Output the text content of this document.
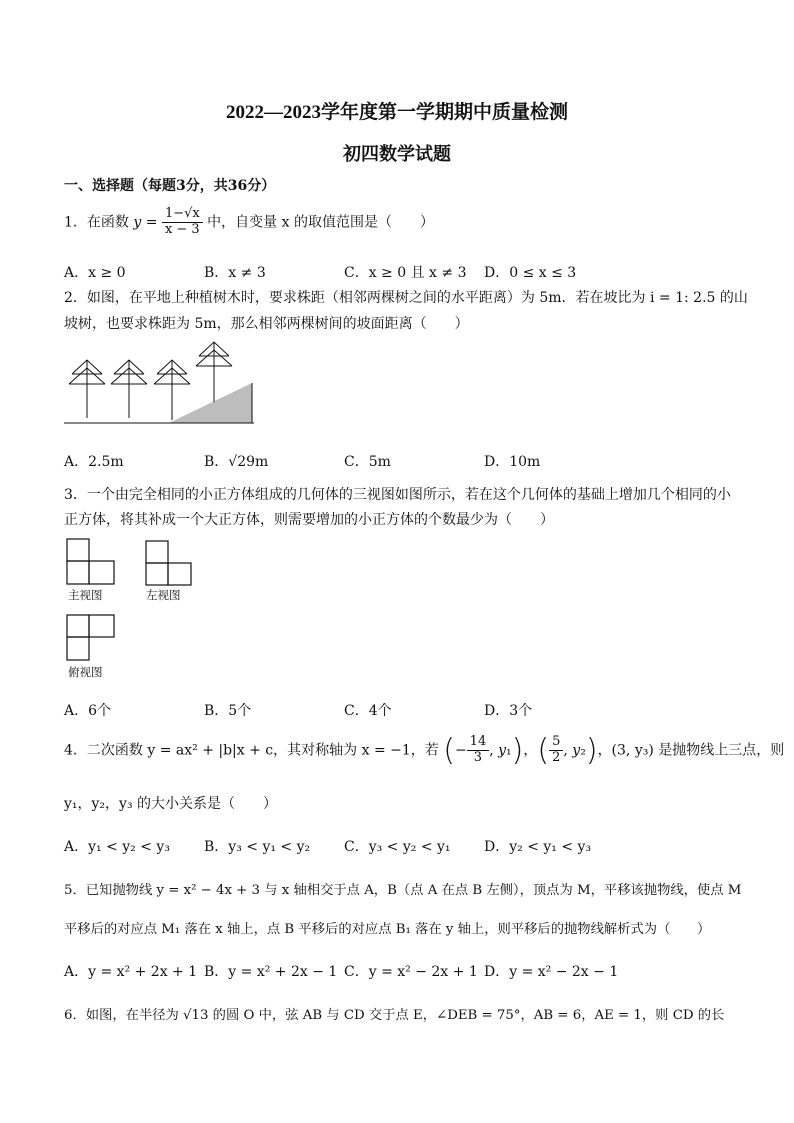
2022—2023学年度第一学期期中质量检测
初四数学试题
一、选择题（每题3分，共36分）
1．在函数 $y = \frac{1-√x}{x - 3}$ 中，自变量 x 的取值范围是（　　）
A．x ≥ 0	B．x ≠ 3	C．x ≥ 0 且 x ≠ 3 D．0 ≤ x ≤ 3
2．如图，在平地上种植树木时，要求株距（相邻两棵树之间的水平距离）为 5m．若在坡比为 i = 1: 2.5 的山
坡树，也要求株距为 5m，那么相邻两棵树间的坡面距离（　　）
A．2.5m	B．√29m	C．5m	D．10m
3．一个由完全相同的小正方体组成的几何体的三视图如图所示，若在这个几何体的基础上增加几个相同的小
正方体，将其补成一个大正方体，则需要增加的小正方体的个数最少为（　　）
主视图	左视图
俯视图
A．6个	B．5个	C．4个	D．3个
4．二次函数 y = ax² + |b|x + c，其对称轴为 x = −1，若 (− $\frac{14}{3}$ , y₁)，( $\frac{5}{2}$ , y₂)，(3, y₃) 是抛物线上三点，则
y₁，y₂，y₃ 的大小关系是（　　）
A．y₁ < y₂ < y₃ B．y₃ < y₁ < y₂ C．y₃ < y₂ < y₁ D．y₂ < y₁ < y₃
5．已知抛物线 y = x² − 4x + 3 与 x 轴相交于点 A，B（点 A 在点 B 左侧），顶点为 M，平移该抛物线，使点 M
平移后的对应点 M₁ 落在 x 轴上，点 B 平移后的对应点 B₁ 落在 y 轴上，则平移后的抛物线解析式为（　　）
A．y = x² + 2x + 1 B．y = x² + 2x − 1 C．y = x² − 2x + 1 D．y = x² − 2x − 1
6．如图，在半径为 √13 的圆 O 中，弦 AB 与 CD 交于点 E，∠DEB = 75°，AB = 6，AE = 1，则 CD 的长
